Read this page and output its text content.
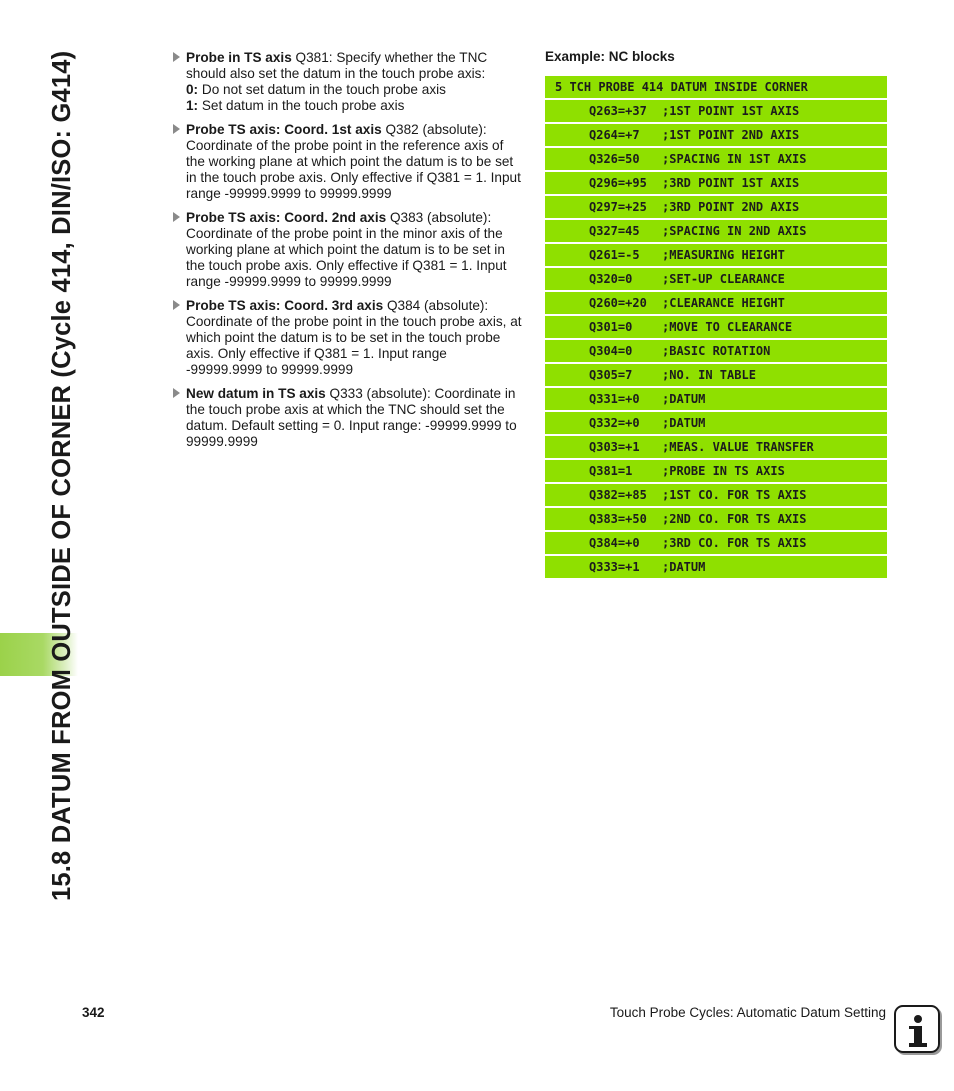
15.8 DATUM FROM OUTSIDE OF CORNER (Cycle 414, DIN/ISO: G414)	Probe in TS axis Q381: Specify whether the TNC should also set the datum in the touch probe axis:
0: Do not set datum in the touch probe axis
1: Set datum in the touch probe axis
Probe TS axis: Coord. 1st axis Q382 (absolute): Coordinate of the probe point in the reference axis of the working plane at which point the datum is to be set in the touch probe axis. Only effective if Q381 = 1. Input range -99999.9999 to 99999.9999
Probe TS axis: Coord. 2nd axis Q383 (absolute): Coordinate of the probe point in the minor axis of the working plane at which point the datum is to be set in the touch probe axis. Only effective if Q381 = 1. Input range -99999.9999 to 99999.9999
Probe TS axis: Coord. 3rd axis Q384 (absolute): Coordinate of the probe point in the touch probe axis, at which point the datum is to be set in the touch probe axis. Only effective if Q381 = 1. Input range -99999.9999 to 99999.9999
New datum in TS axis Q333 (absolute): Coordinate in the touch probe axis at which the TNC should set the datum. Default setting = 0. Input range: -99999.9999 to 99999.9999
Example: NC blocks
5 TCH PROBE 414 DATUM INSIDE CORNER
Q263=+37 ;1ST POINT 1ST AXIS
Q264=+7 ;1ST POINT 2ND AXIS
Q326=50 ;SPACING IN 1ST AXIS
Q296=+95 ;3RD POINT 1ST AXIS
Q297=+25 ;3RD POINT 2ND AXIS
Q327=45 ;SPACING IN 2ND AXIS
Q261=-5 ;MEASURING HEIGHT
Q320=0 ;SET-UP CLEARANCE
Q260=+20 ;CLEARANCE HEIGHT
Q301=0 ;MOVE TO CLEARANCE
Q304=0 ;BASIC ROTATION
Q305=7 ;NO. IN TABLE
Q331=+0 ;DATUM
Q332=+0 ;DATUM
Q303=+1 ;MEAS. VALUE TRANSFER
Q381=1 ;PROBE IN TS AXIS
Q382=+85 ;1ST CO. FOR TS AXIS
Q383=+50 ;2ND CO. FOR TS AXIS
Q384=+0 ;3RD CO. FOR TS AXIS
Q333=+1 ;DATUM
342	Touch Probe Cycles: Automatic Datum Setting
